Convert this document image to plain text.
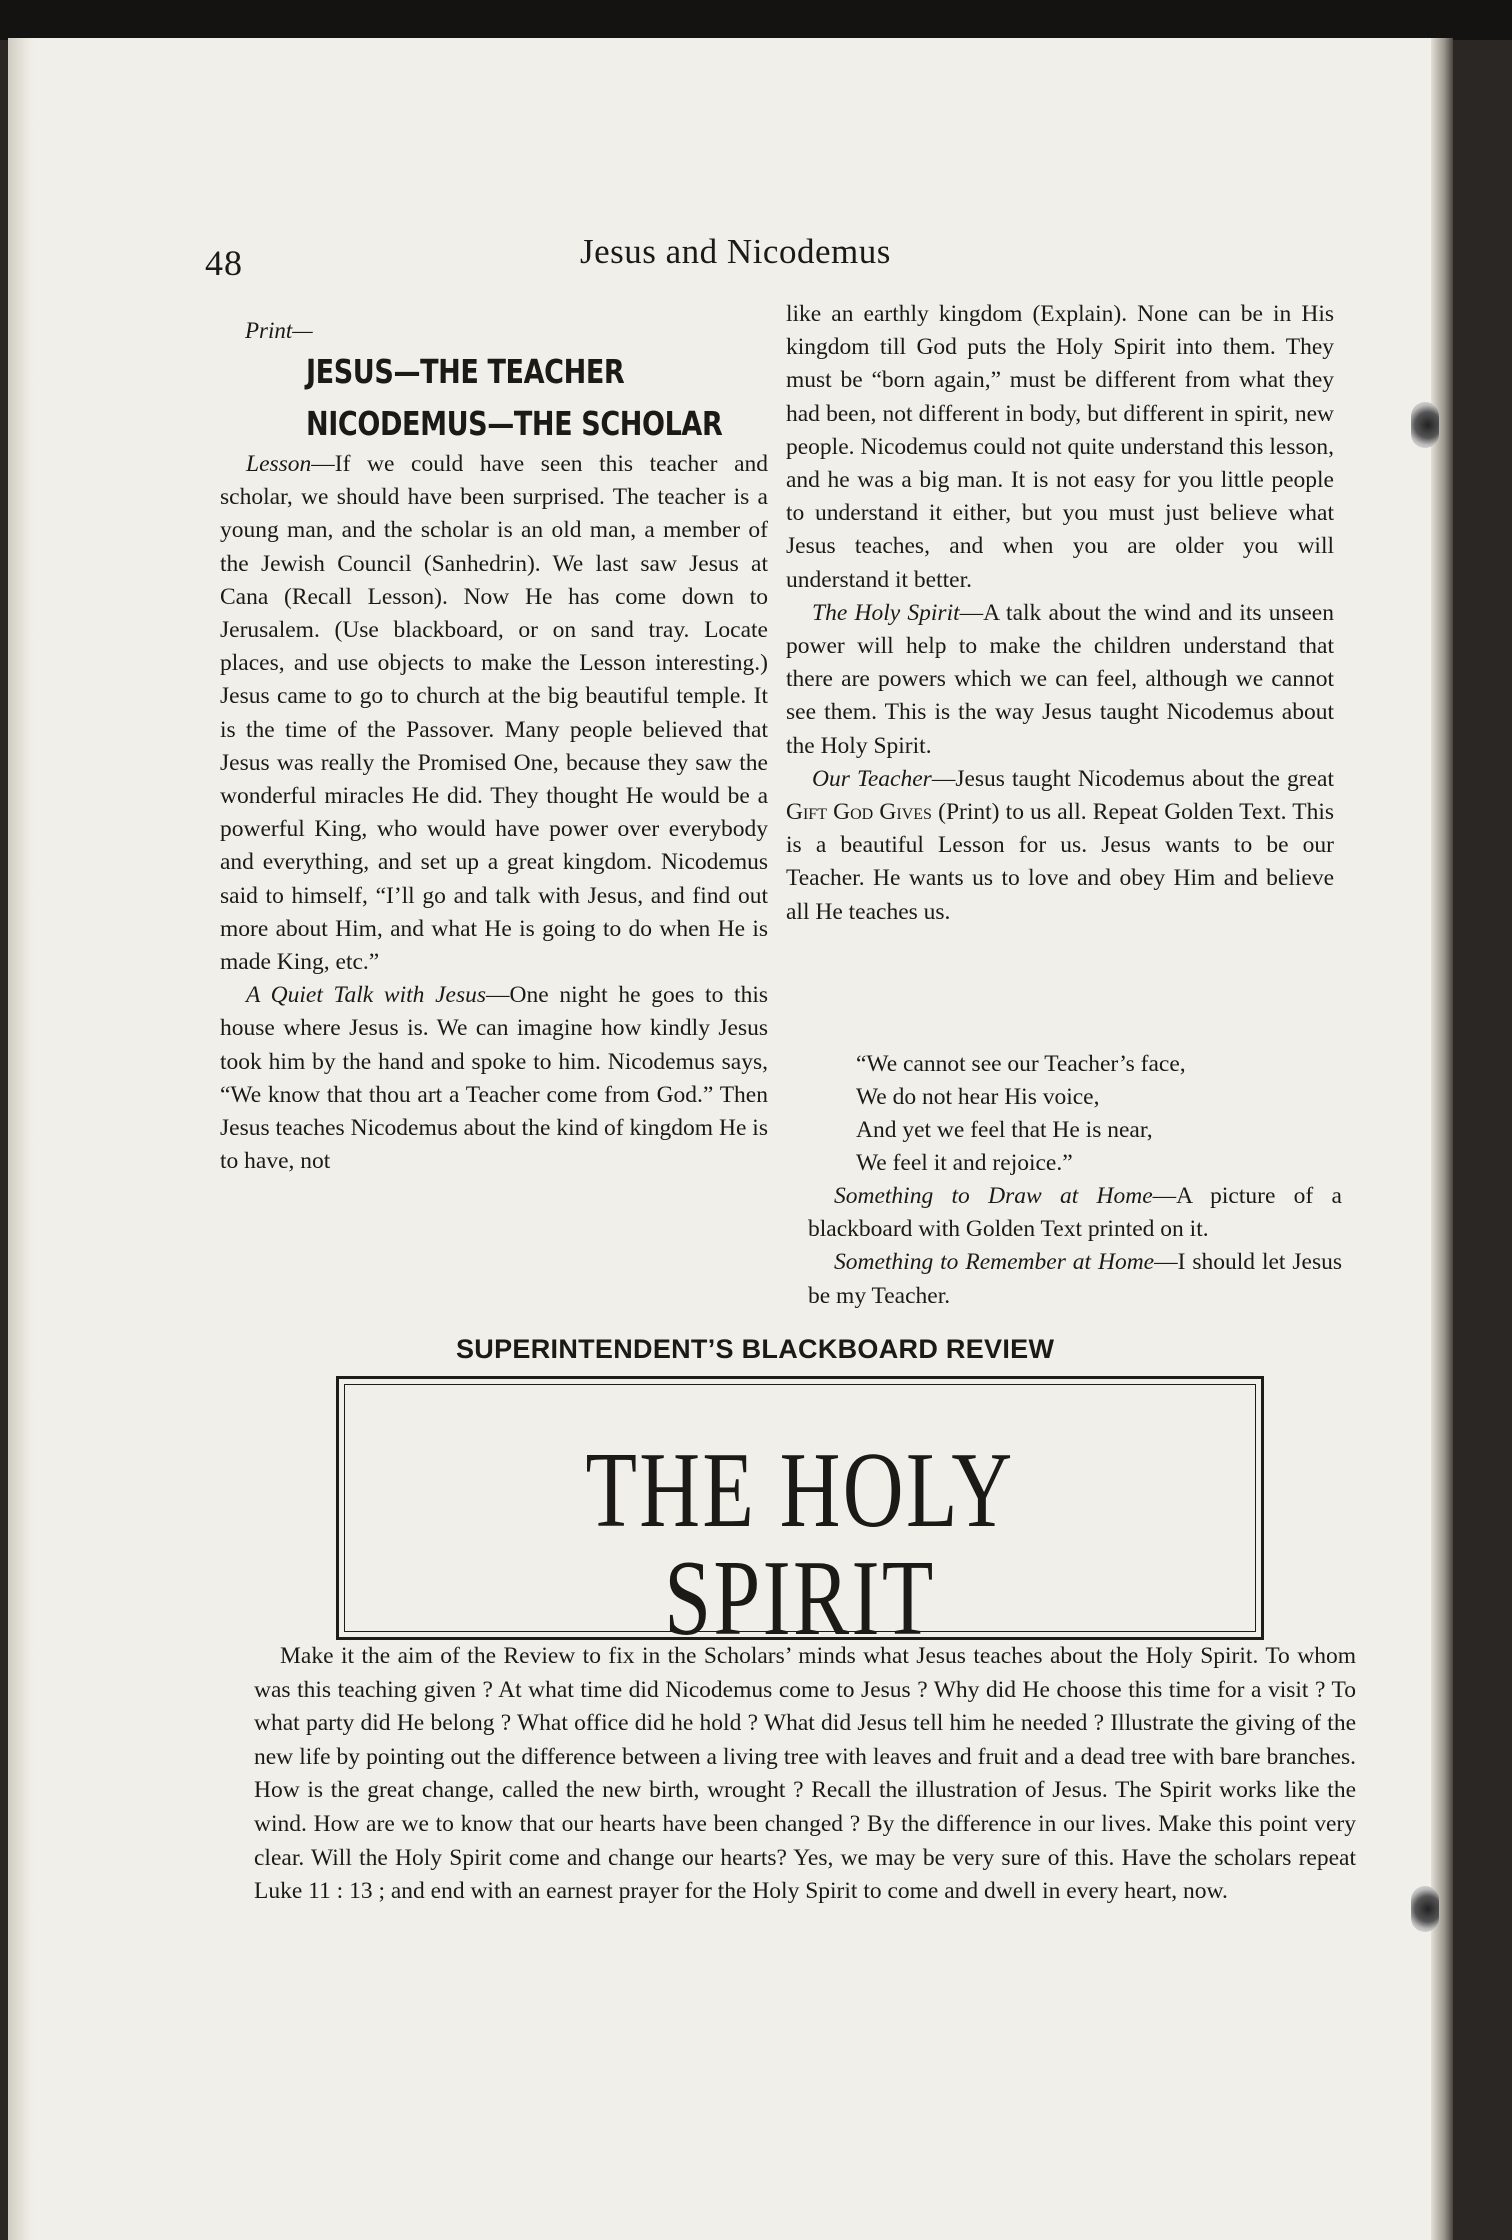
48	Jesus and Nicodemus
Print—
JESUS—THE TEACHER
NICODEMUS—THE SCHOLAR

Lesson—If we could have seen this teacher and scholar, we should have been surprised. The teacher is a young man, and the scholar is an old man, a member of the Jewish Council (Sanhedrin). We last saw Jesus at Cana (Recall Lesson). Now He has come down to Jerusalem. (Use blackboard, or on sand tray. Locate places, and use objects to make the Lesson interesting.) Jesus came to go to church at the big beautiful temple. It is the time of the Passover. Many people believed that Jesus was really the Promised One, because they saw the wonderful miracles He did. They thought He would be a powerful King, who would have power over everybody and everything, and set up a great kingdom. Nicodemus said to himself, “I’ll go and talk with Jesus, and find out more about Him, and what He is going to do when He is made King, etc.”

A Quiet Talk with Jesus—One night he goes to this house where Jesus is. We can imagine how kindly Jesus took him by the hand and spoke to him. Nicodemus says, “We know that thou art a Teacher come from God.” Then Jesus teaches Nicodemus about the kind of kingdom He is to have, not

like an earthly kingdom (Explain). None can be in His kingdom till God puts the Holy Spirit into them. They must be “born again,” must be different from what they had been, not different in body, but different in spirit, new people. Nicodemus could not quite understand this lesson, and he was a big man. It is not easy for you little people to understand it either, but you must just believe what Jesus teaches, and when you are older you will understand it better.

The Holy Spirit—A talk about the wind and its unseen power will help to make the children understand that there are powers which we can feel, although we cannot see them. This is the way Jesus taught Nicodemus about the Holy Spirit.

Our Teacher—Jesus taught Nicodemus about the great Gift God Gives (Print) to us all. Repeat Golden Text. This is a beautiful Lesson for us. Jesus wants to be our Teacher. He wants us to love and obey Him and believe all He teaches us.

“We cannot see our Teacher’s face,

We do not hear His voice,

And yet we feel that He is near,

We feel it and rejoice.”

Something to Draw at Home—A picture of a blackboard with Golden Text printed on it.

Something to Remember at Home—I should let Jesus be my Teacher.

SUPERINTENDENT’S BLACKBOARD REVIEW
THE HOLY SPIRIT

Make it the aim of the Review to fix in the Scholars’ minds what Jesus teaches about the Holy Spirit. To whom was this teaching given ? At what time did Nicodemus come to Jesus ? Why did He choose this time for a visit ? To what party did He belong ? What office did he hold ? What did Jesus tell him he needed ? Illustrate the giving of the new life by pointing out the difference between a living tree with leaves and fruit and a dead tree with bare branches. How is the great change, called the new birth, wrought ? Recall the illustration of Jesus. The Spirit works like the wind. How are we to know that our hearts have been changed ? By the difference in our lives. Make this point very clear. Will the Holy Spirit come and change our hearts? Yes, we may be very sure of this. Have the scholars repeat Luke 11 : 13 ; and end with an earnest prayer for the Holy Spirit to come and dwell in every heart, now.
